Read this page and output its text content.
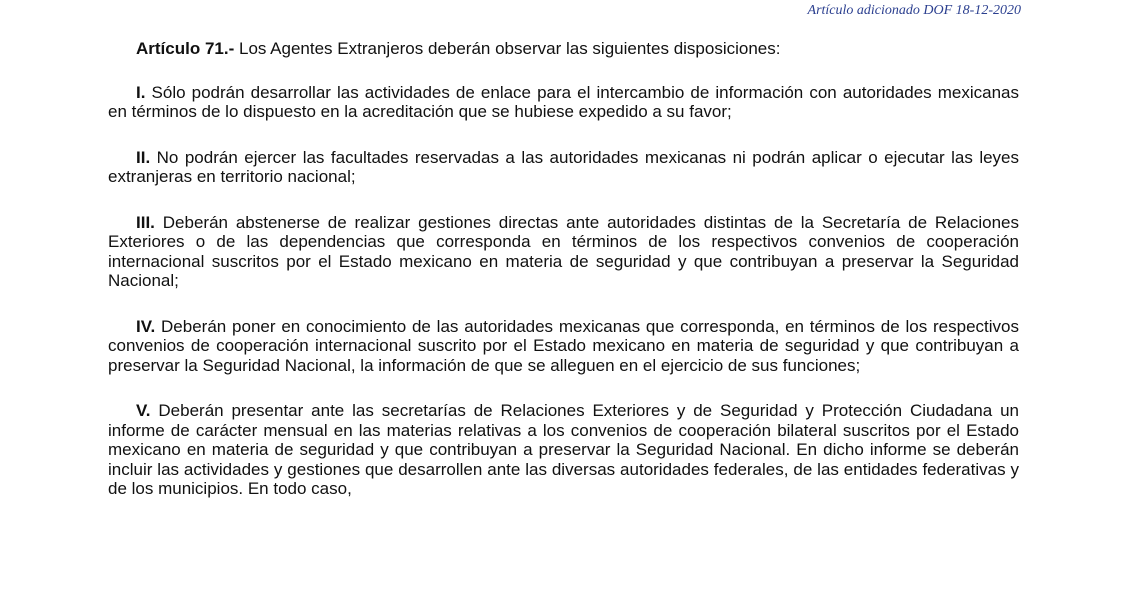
Artículo adicionado DOF 18-12-2020

Artículo 71.- Los Agentes Extranjeros deberán observar las siguientes disposiciones:

I. Sólo podrán desarrollar las actividades de enlace para el intercambio de información con autoridades mexicanas en términos de lo dispuesto en la acreditación que se hubiese expedido a su favor;

II. No podrán ejercer las facultades reservadas a las autoridades mexicanas ni podrán aplicar o ejecutar las leyes extranjeras en territorio nacional;

III. Deberán abstenerse de realizar gestiones directas ante autoridades distintas de la Secretaría de Relaciones Exteriores o de las dependencias que corresponda en términos de los respectivos convenios de cooperación internacional suscritos por el Estado mexicano en materia de seguridad y que contribuyan a preservar la Seguridad Nacional;

IV. Deberán poner en conocimiento de las autoridades mexicanas que corresponda, en términos de los respectivos convenios de cooperación internacional suscrito por el Estado mexicano en materia de seguridad y que contribuyan a preservar la Seguridad Nacional, la información de que se alleguen en el ejercicio de sus funciones;

V. Deberán presentar ante las secretarías de Relaciones Exteriores y de Seguridad y Protección Ciudadana un informe de carácter mensual en las materias relativas a los convenios de cooperación bilateral suscritos por el Estado mexicano en materia de seguridad y que contribuyan a preservar la Seguridad Nacional. En dicho informe se deberán incluir las actividades y gestiones que desarrollen ante las diversas autoridades federales, de las entidades federativas y de los municipios. En todo caso,
